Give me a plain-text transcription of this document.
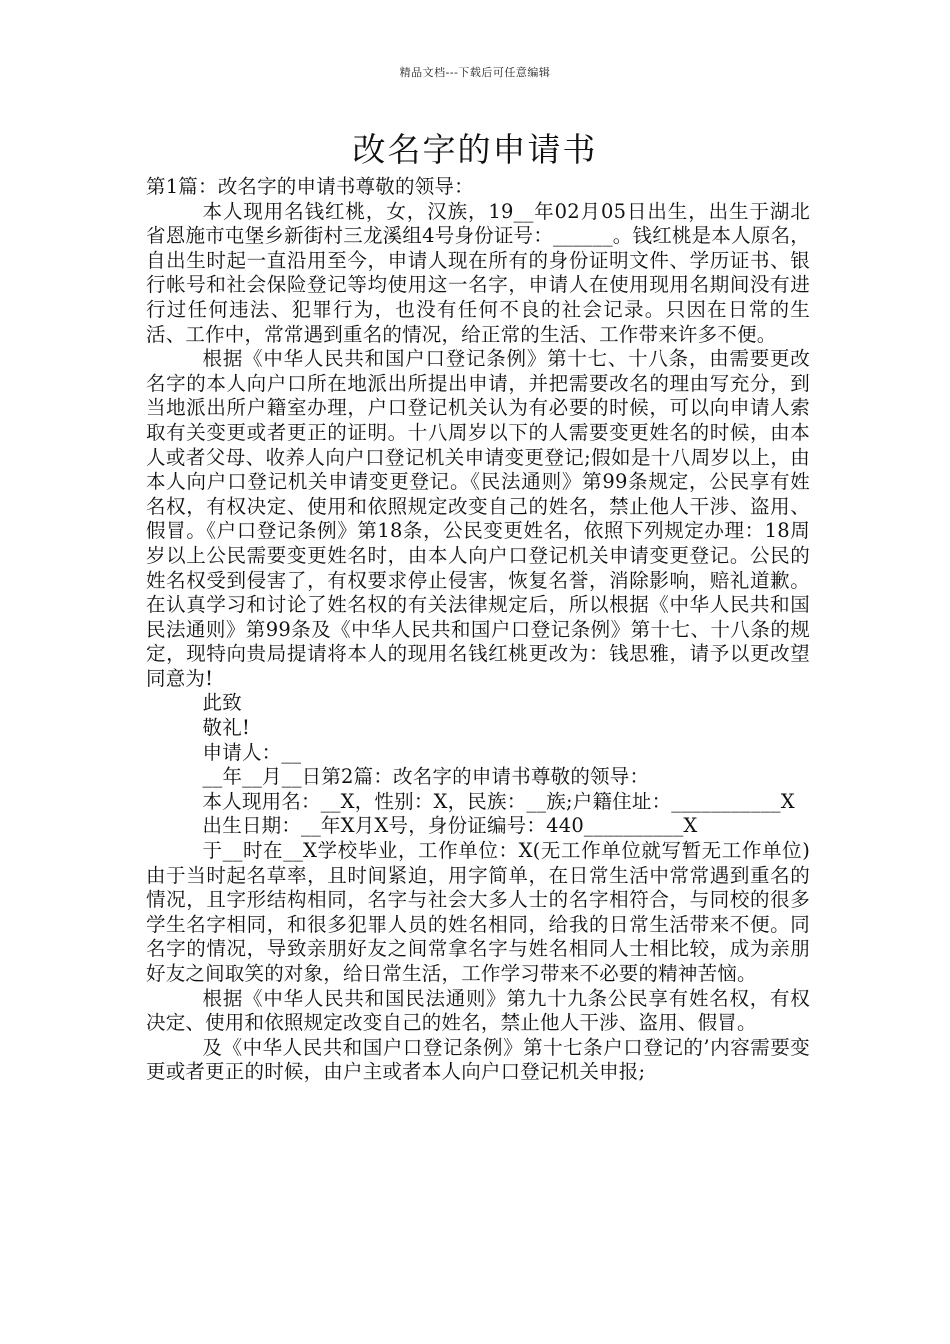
精品文档---下载后可任意编辑
改名字的申请书

第1篇：改名字的申请书尊敬的领导：

本人现用名钱红桃，女，汉族，19__年02月05日出生，出生于湖北省恩施市屯堡乡新街村三龙溪组4号身份证号：______。钱红桃是本人原名，自出生时起一直沿用至今，申请人现在所有的身份证明文件、学历证书、银行帐号和社会保险登记等均使用这一名字，申请人在使用现用名期间没有进行过任何违法、犯罪行为，也没有任何不良的社会记录。只因在日常的生活、工作中，常常遇到重名的情况，给正常的生活、工作带来许多不便。

根据《中华人民共和国户口登记条例》第十七、十八条，由需要更改名字的本人向户口所在地派出所提出申请，并把需要改名的理由写充分，到当地派出所户籍室办理，户口登记机关认为有必要的时候，可以向申请人索取有关变更或者更正的证明。十八周岁以下的人需要变更姓名的时候，由本人或者父母、收养人向户口登记机关申请变更登记;假如是十八周岁以上，由本人向户口登记机关申请变更登记。《民法通则》第99条规定，公民享有姓名权，有权决定、使用和依照规定改变自己的姓名，禁止他人干涉、盗用、假冒。《户口登记条例》第18条，公民变更姓名，依照下列规定办理：18周岁以上公民需要变更姓名时，由本人向户口登记机关申请变更登记。公民的姓名权受到侵害了，有权要求停止侵害，恢复名誉，消除影响，赔礼道歉。在认真学习和讨论了姓名权的有关法律规定后，所以根据《中华人民共和国民法通则》第99条及《中华人民共和国户口登记条例》第十七、十八条的规定，现特向贵局提请将本人的现用名钱红桃更改为：钱思雅，请予以更改望同意为!

此致

敬礼!

申请人：__

__年__月__日第2篇：改名字的申请书尊敬的领导：

本人现用名：__X，性别：X，民族：__族;户籍住址：___________X

出生日期：__年X月X号，身份证编号：440__________X

于__时在__X学校毕业，工作单位：X(无工作单位就写暂无工作单位)由于当时起名草率，且时间紧迫，用字简单，在日常生活中常常遇到重名的情况，且字形结构相同，名字与社会大多人士的名字相符合，与同校的很多学生名字相同，和很多犯罪人员的姓名相同，给我的日常生活带来不便。同名字的情况，导致亲朋好友之间常拿名字与姓名相同人士相比较，成为亲朋好友之间取笑的对象，给日常生活，工作学习带来不必要的精神苦恼。

根据《中华人民共和国民法通则》第九十九条公民享有姓名权，有权决定、使用和依照规定改变自己的姓名，禁止他人干涉、盗用、假冒。

及《中华人民共和国户口登记条例》第十七条户口登记的’内容需要变更或者更正的时候，由户主或者本人向户口登记机关申报;
